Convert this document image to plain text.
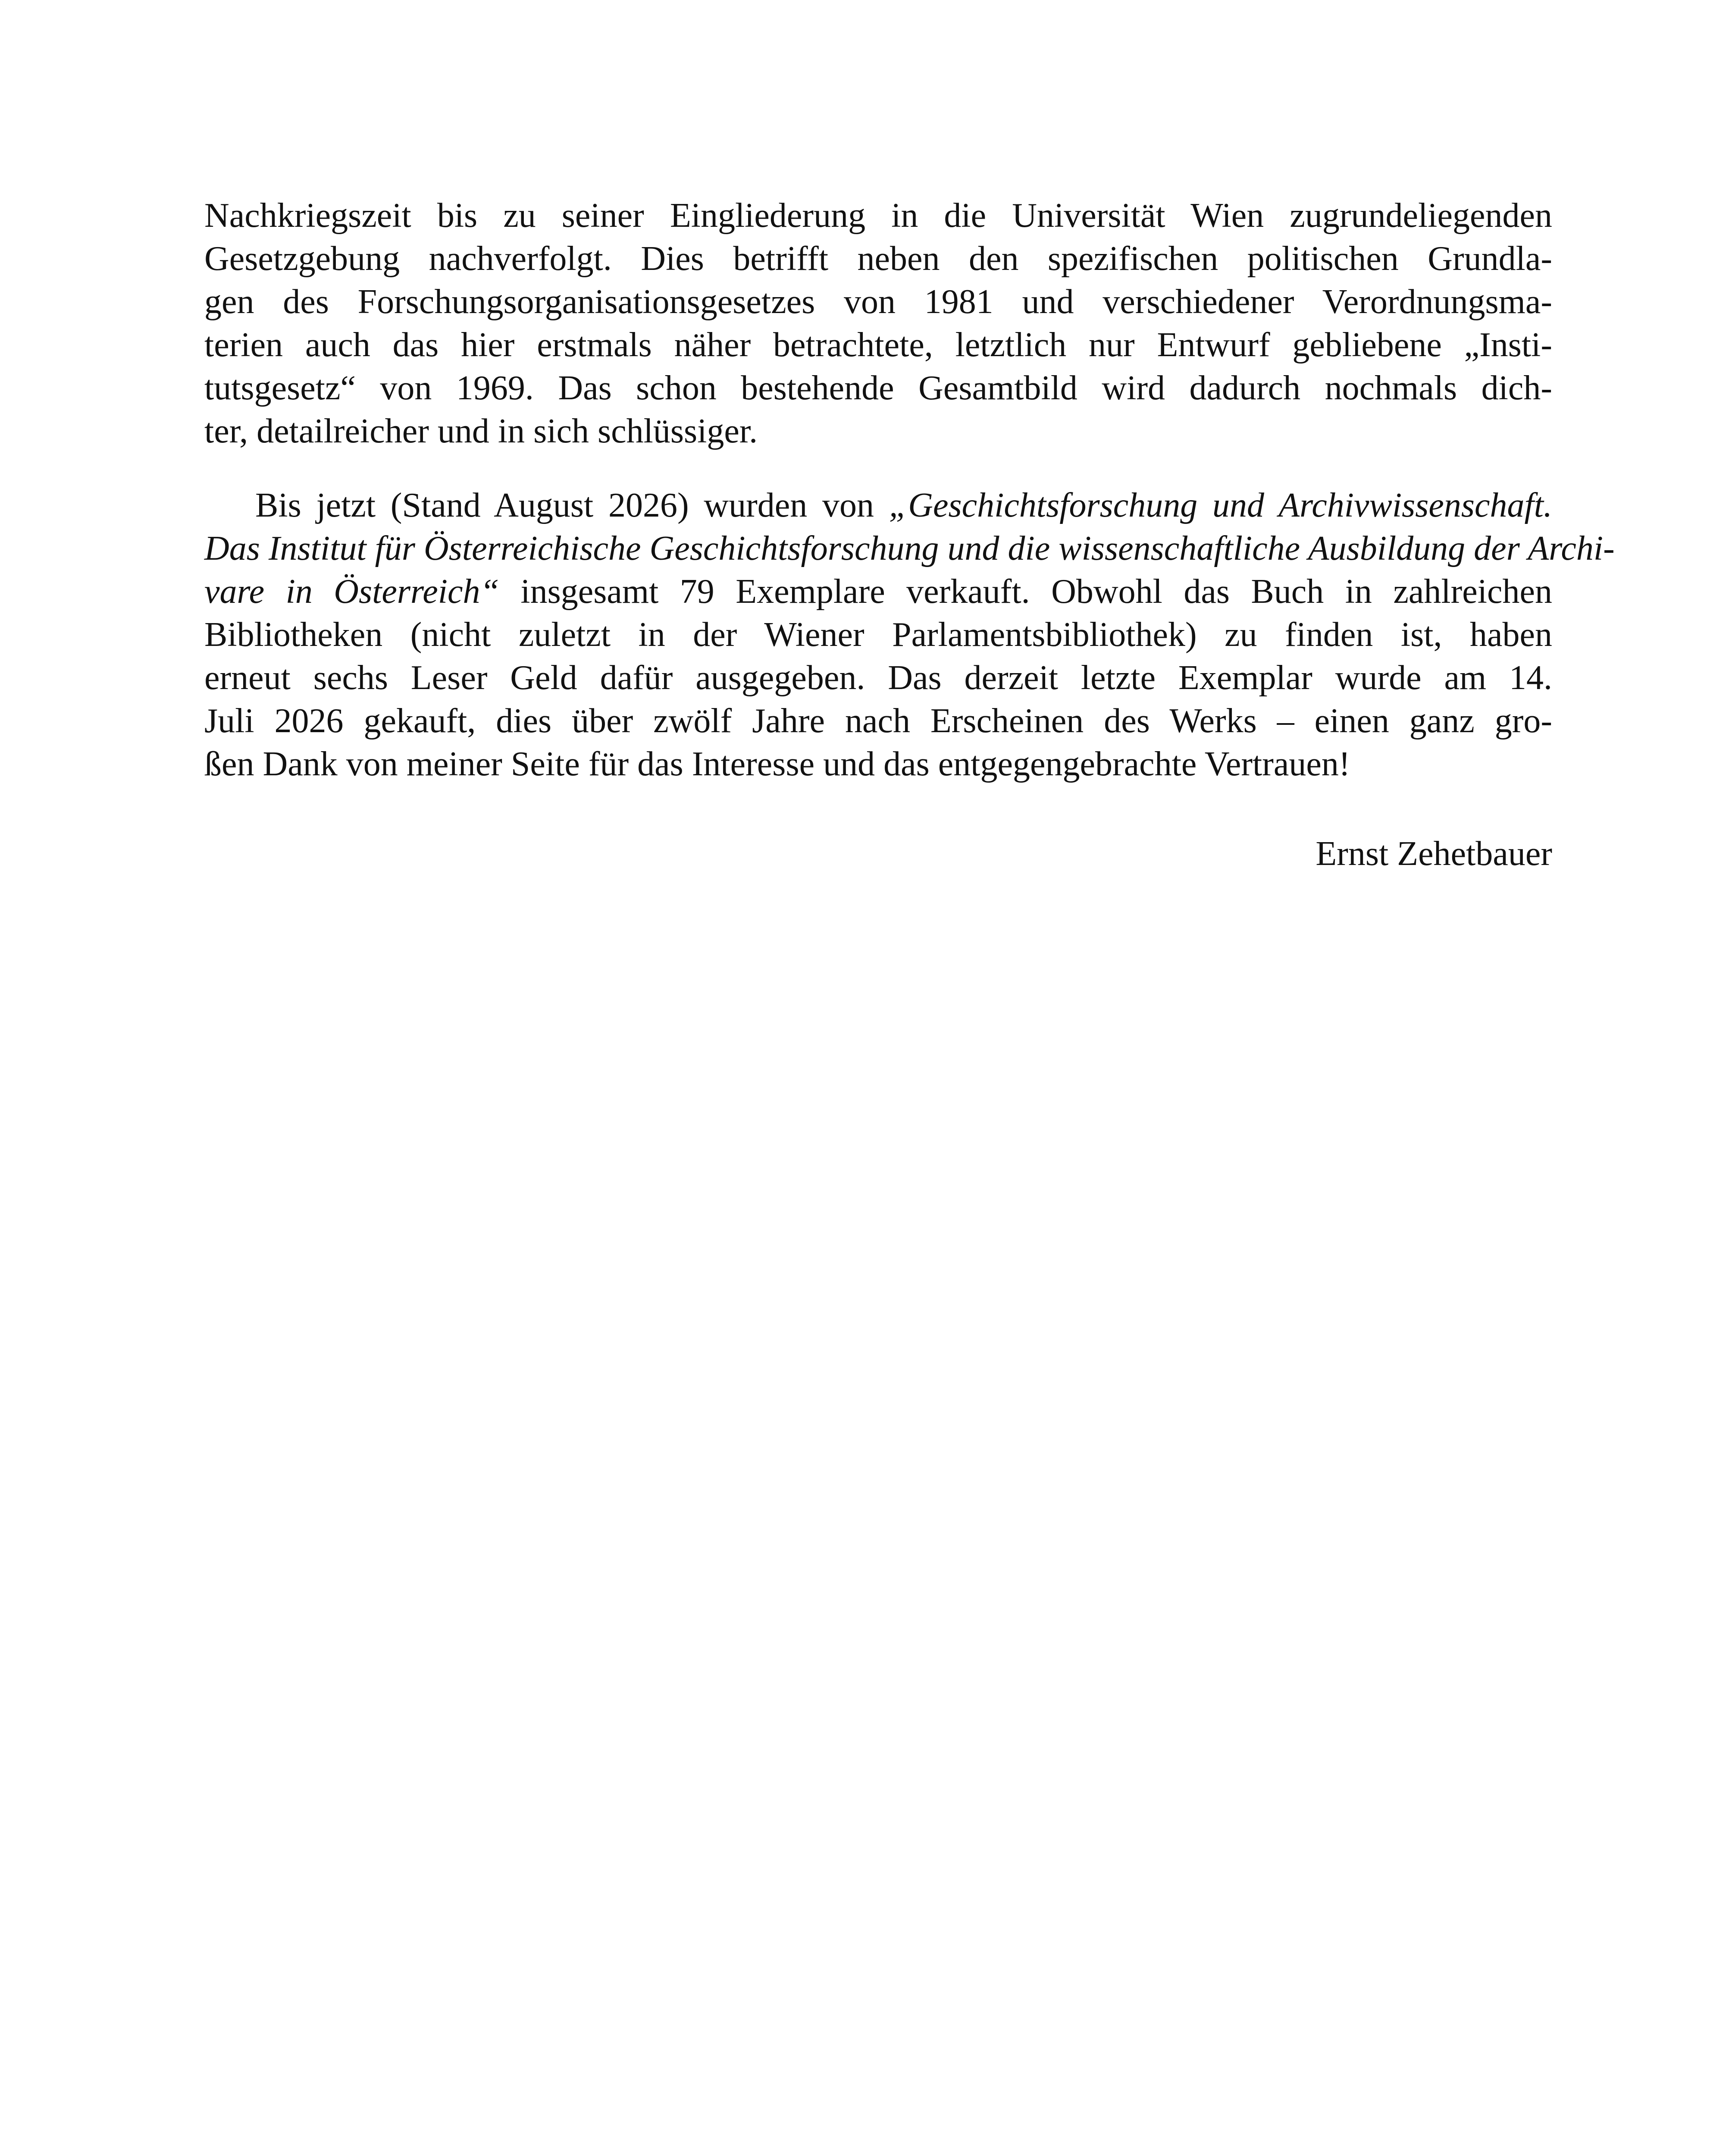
Nachkriegszeit bis zu seiner Eingliederung in die Universität Wien zugrundeliegenden
Gesetzgebung nachverfolgt. Dies betrifft neben den spezifischen politischen Grundla-
gen des Forschungsorganisationsgesetzes von 1981 und verschiedener Verordnungsma-
terien auch das hier erstmals näher betrachtete, letztlich nur Entwurf gebliebene „Insti-
tutsgesetz“ von 1969. Das schon bestehende Gesamtbild wird dadurch nochmals dich-
ter, detailreicher und in sich schlüssiger.
Bis jetzt (Stand August 2026) wurden von „Geschichtsforschung und Archivwissenschaft.
Das Institut für Österreichische Geschichtsforschung und die wissenschaftliche Ausbildung der Archi-
vare in Österreich“ insgesamt 79 Exemplare verkauft. Obwohl das Buch in zahlreichen
Bibliotheken (nicht zuletzt in der Wiener Parlamentsbibliothek) zu finden ist, haben
erneut sechs Leser Geld dafür ausgegeben. Das derzeit letzte Exemplar wurde am 14.
Juli 2026 gekauft, dies über zwölf Jahre nach Erscheinen des Werks – einen ganz gro-
ßen Dank von meiner Seite für das Interesse und das entgegengebrachte Vertrauen!
Ernst Zehetbauer
